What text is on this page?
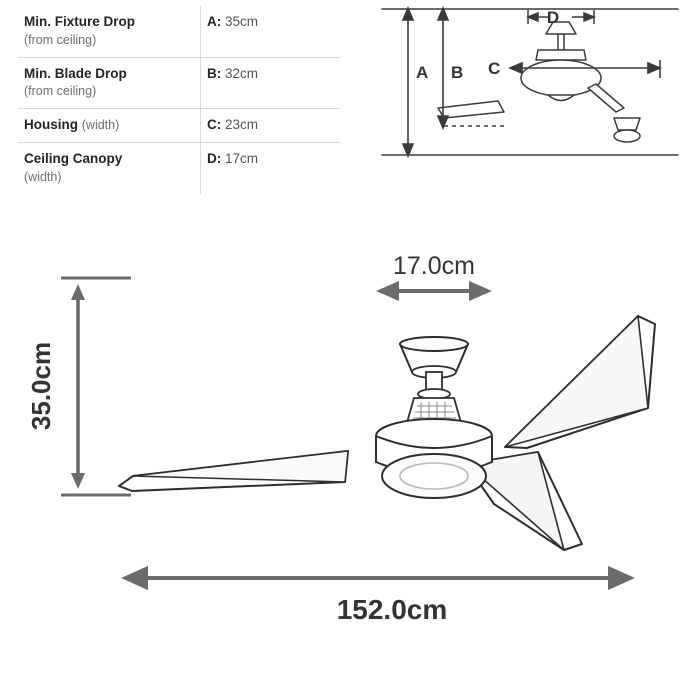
Min. Fixture Drop
(from ceiling)	A: 35cm
Min. Blade Drop
(from ceiling)	B: 32cm
Housing (width)	C: 23cm
Ceiling Canopy
(width)	D: 17cm
A B C
D
17.0cm
35.0cm
152.0cm
